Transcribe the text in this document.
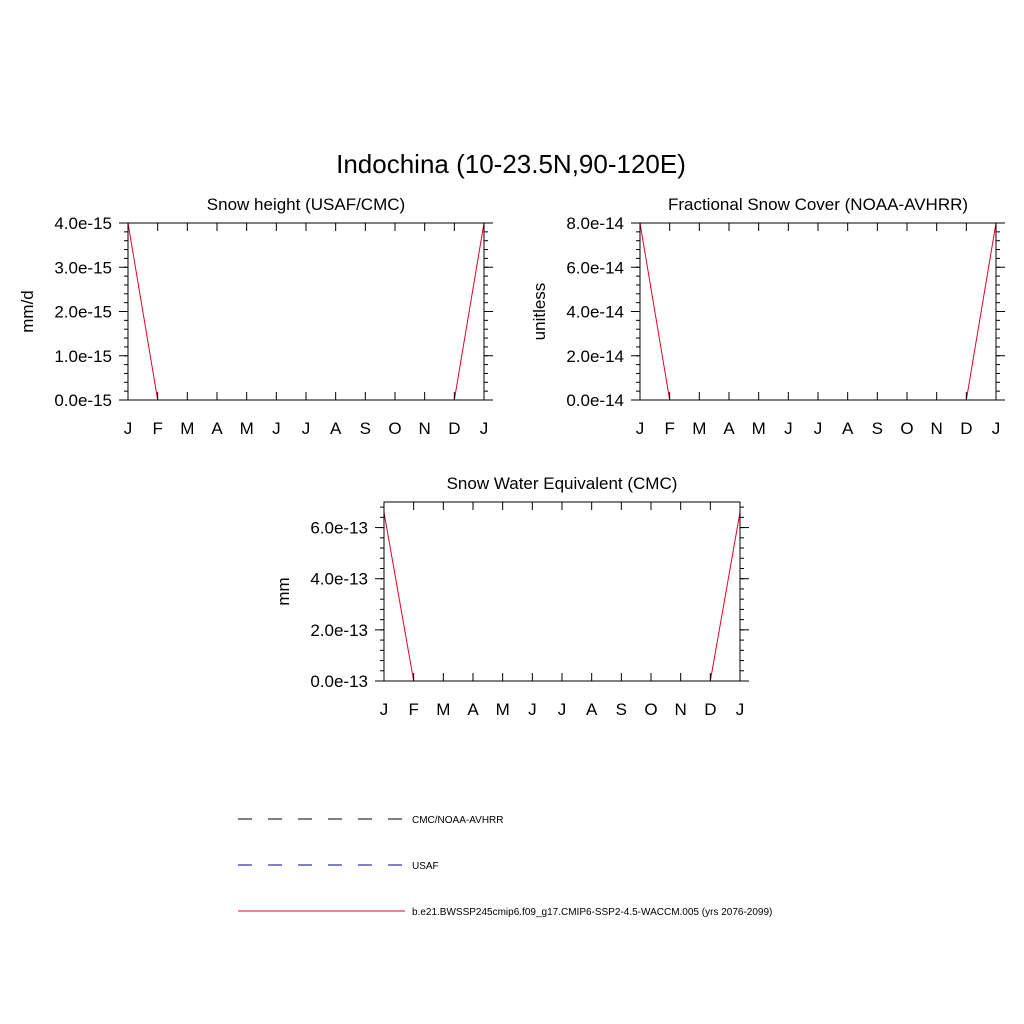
Indochina (10-23.5N,90-120E)
Snow height (USAF/CMC)
mm/d
J F M A M J J A S O N D J
0.0e-15
1.0e-15
2.0e-15
3.0e-15
4.0e-15
Fractional Snow Cover (NOAA-AVHRR)
unitless
J F M A M J J A S O N D J
0.0e-14
2.0e-14
4.0e-14
6.0e-14
8.0e-14
Snow Water Equivalent (CMC)
mm
J F M A M J J A S O N D J
0.0e-13
2.0e-13
4.0e-13
6.0e-13
CMC/NOAA-AVHRR
USAF
b.e21.BWSSP245cmip6.f09_g17.CMIP6-SSP2-4.5-WACCM.005 (yrs 2076-2099)
